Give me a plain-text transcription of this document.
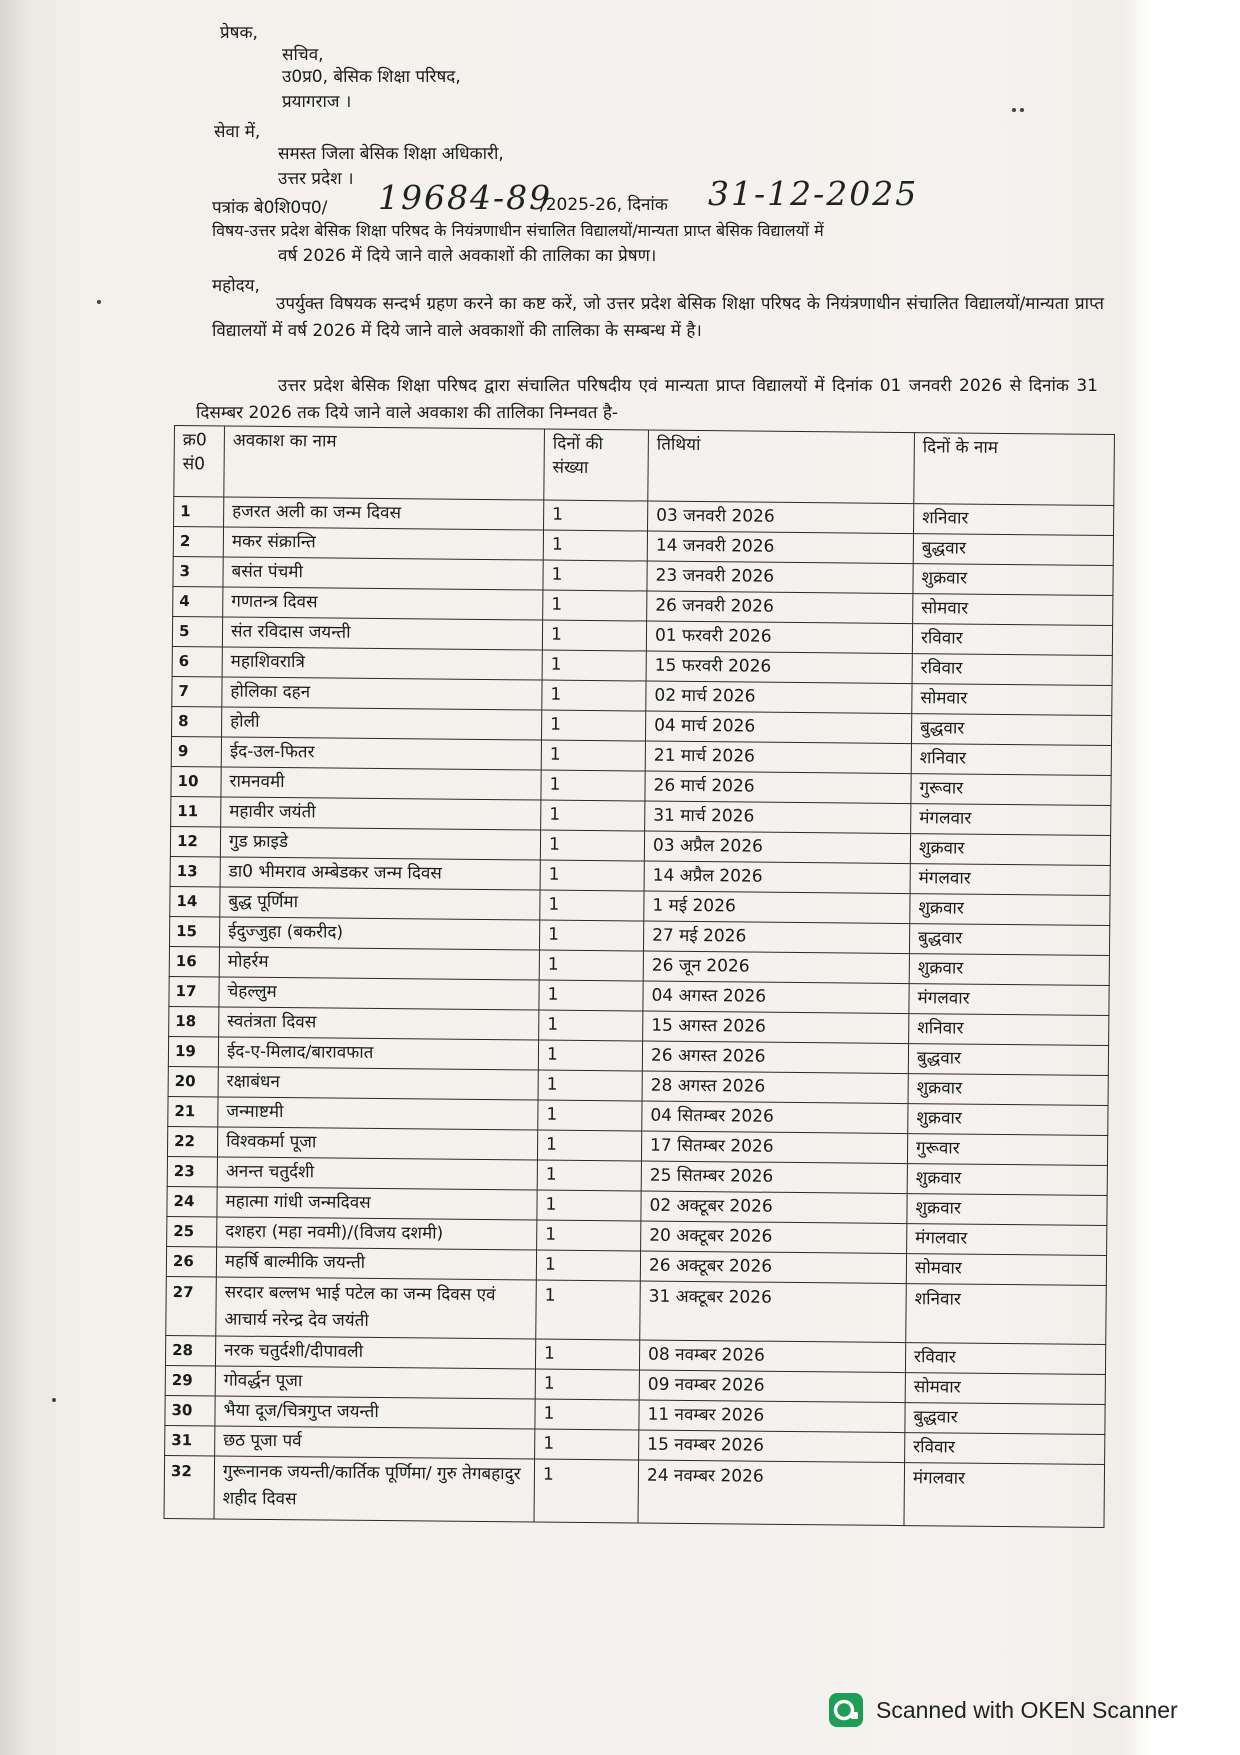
प्रेषक,
सचिव,
उ0प्र0, बेसिक शिक्षा परिषद,
प्रयागराज ।
सेवा में,
समस्त जिला बेसिक शिक्षा अधिकारी,
उत्तर प्रदेश ।
पत्रांक बे0शि0प0/ 19684-89
/2025-26, दिनांक 31-12-2025
विषय-उत्तर प्रदेश बेसिक शिक्षा परिषद के नियंत्रणाधीन संचालित विद्यालयों/मान्यता प्राप्त बेसिक विद्यालयों में
वर्ष 2026 में दिये जाने वाले अवकाशों की तालिका का प्रेषण।
महोदय,
उपर्युक्त विषयक सन्दर्भ ग्रहण करने का कष्ट करें, जो उत्तर प्रदेश बेसिक शिक्षा परिषद के नियंत्रणाधीन संचालित विद्यालयों/मान्यता प्राप्त विद्यालयों में वर्ष 2026 में दिये जाने वाले अवकाशों की तालिका के सम्बन्ध में है।
उत्तर प्रदेश बेसिक शिक्षा परिषद द्वारा संचालित परिषदीय एवं मान्यता प्राप्त विद्यालयों में दिनांक 01 जनवरी 2026 से दिनांक 31 दिसम्बर 2026 तक दिये जाने वाले अवकाश की तालिका निम्नवत है-
क्र0 सं0	अवकाश का नाम	दिनों की संख्या	तिथियां	दिनों के नाम
1	हजरत अली का जन्म दिवस	1	03 जनवरी 2026	शनिवार
2	मकर संक्रान्ति	1	14 जनवरी 2026	बुद्धवार
3	बसंत पंचमी	1	23 जनवरी 2026	शुक्रवार
4	गणतन्त्र दिवस	1	26 जनवरी 2026	सोमवार
5	संत रविदास जयन्ती	1	01 फरवरी 2026	रविवार
6	महाशिवरात्रि	1	15 फरवरी 2026	रविवार
7	होलिका दहन	1	02 मार्च 2026	सोमवार
8	होली	1	04 मार्च 2026	बुद्धवार
9	ईद-उल-फितर	1	21 मार्च 2026	शनिवार
10	रामनवमी	1	26 मार्च 2026	गुरूवार
11	महावीर जयंती	1	31 मार्च 2026	मंगलवार
12	गुड फ्राइडे	1	03 अप्रैल 2026	शुक्रवार
13	डा0 भीमराव अम्बेडकर जन्म दिवस	1	14 अप्रैल 2026	मंगलवार
14	बुद्ध पूर्णिमा	1	1 मई 2026	शुक्रवार
15	ईदुज्जुहा (बकरीद)	1	27 मई 2026	बुद्धवार
16	मोहर्रम	1	26 जून 2026	शुक्रवार
17	चेहल्लुम	1	04 अगस्त 2026	मंगलवार
18	स्वतंत्रता दिवस	1	15 अगस्त 2026	शनिवार
19	ईद-ए-मिलाद/बारावफात	1	26 अगस्त 2026	बुद्धवार
20	रक्षाबंधन	1	28 अगस्त 2026	शुक्रवार
21	जन्माष्टमी	1	04 सितम्बर 2026	शुक्रवार
22	विश्वकर्मा पूजा	1	17 सितम्बर 2026	गुरूवार
23	अनन्त चतुर्दशी	1	25 सितम्बर 2026	शुक्रवार
24	महात्मा गांधी जन्मदिवस	1	02 अक्टूबर 2026	शुक्रवार
25	दशहरा (महा नवमी)/(विजय दशमी)	1	20 अक्टूबर 2026	मंगलवार
26	महर्षि बाल्मीकि जयन्ती	1	26 अक्टूबर 2026	सोमवार
27	सरदार बल्लभ भाई पटेल का जन्म दिवस एवं आचार्य नरेन्द्र देव जयंती	1	31 अक्टूबर 2026	शनिवार
28	नरक चतुर्दशी/दीपावली	1	08 नवम्बर 2026	रविवार
29	गोवर्द्धन पूजा	1	09 नवम्बर 2026	सोमवार
30	भैया दूज/चित्रगुप्त जयन्ती	1	11 नवम्बर 2026	बुद्धवार
31	छठ पूजा पर्व	1	15 नवम्बर 2026	रविवार
32	गुरूनानक जयन्ती/कार्तिक पूर्णिमा/ गुरु तेगबहादुर शहीद दिवस	1	24 नवम्बर 2026	मंगलवार
Scanned with OKEN Scanner
